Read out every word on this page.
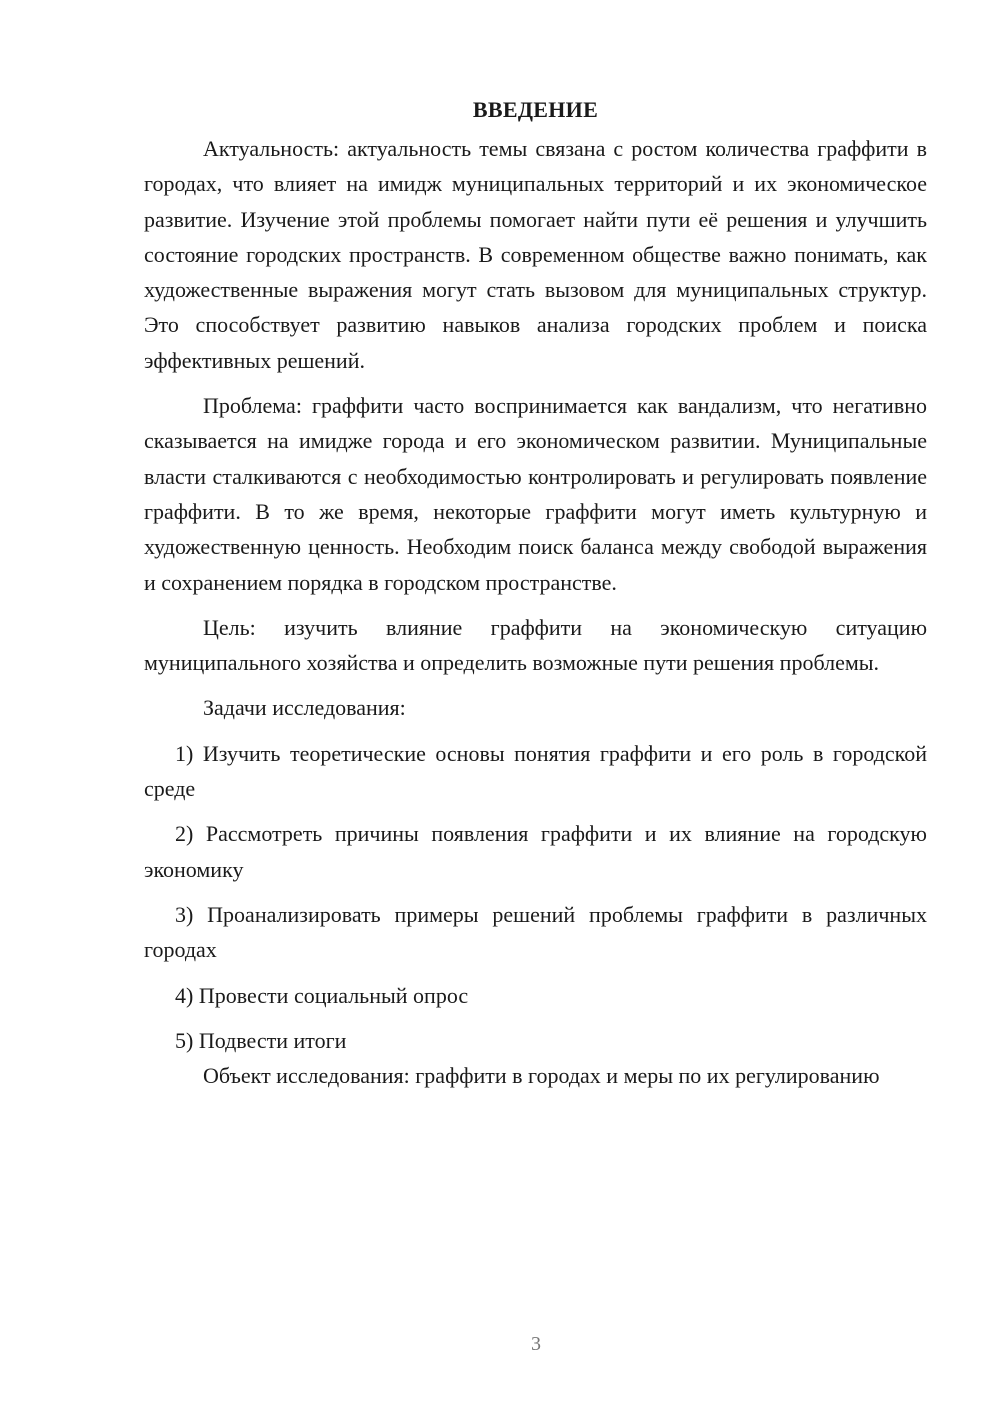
ВВЕДЕНИЕ

Актуальность: актуальность темы связана с ростом количества граффити в городах, что влияет на имидж муниципальных территорий и их экономическое развитие. Изучение этой проблемы помогает найти пути её решения и улучшить состояние городских пространств. В современном обществе важно понимать, как художественные выражения могут стать вызовом для муниципальных структур. Это способствует развитию навыков анализа городских проблем и поиска эффективных решений.

Проблема: граффити часто воспринимается как вандализм, что негативно сказывается на имидже города и его экономическом развитии. Муниципальные власти сталкиваются с необходимостью контролировать и регулировать появление граффити. В то же время, некоторые граффити могут иметь культурную и художественную ценность. Необходим поиск баланса между свободой выражения и сохранением порядка в городском пространстве.

Цель: изучить влияние граффити на экономическую ситуацию муниципального хозяйства и определить возможные пути решения проблемы.

Задачи исследования:

1) Изучить теоретические основы понятия граффити и его роль в городской среде

2) Рассмотреть причины появления граффити и их влияние на городскую экономику

3) Проанализировать примеры решений проблемы граффити в различных городах

4) Провести социальный опрос

5) Подвести итоги

Объект исследования: граффити в городах и меры по их регулированию

3
